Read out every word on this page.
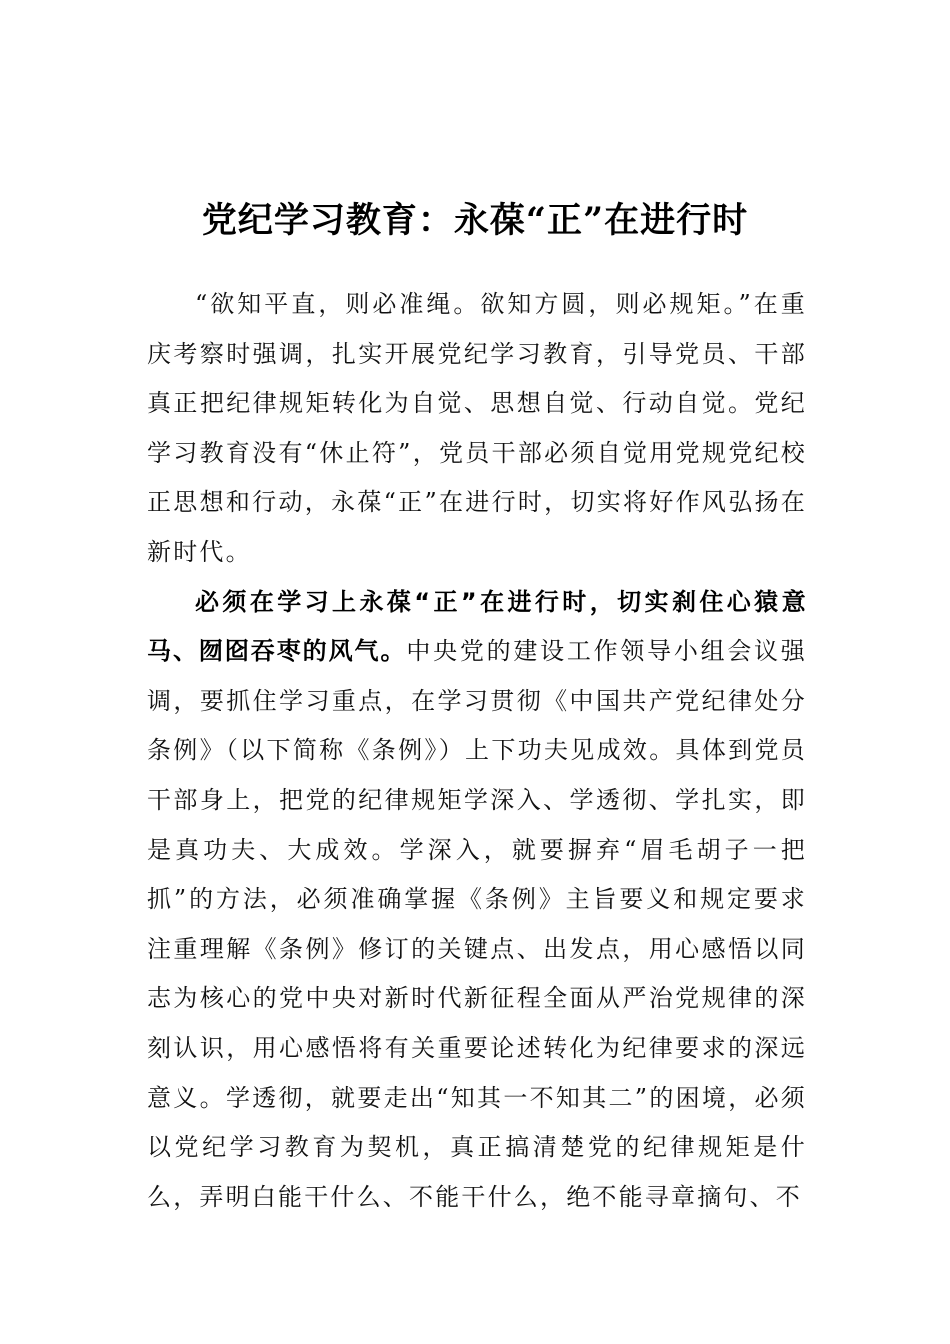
党纪学习教育：永葆“正”在进行时

“欲知平直，则必准绳。欲知方圆，则必规矩。”在重庆考察时强调，扎实开展党纪学习教育，引导党员、干部真正把纪律规矩转化为自觉、思想自觉、行动自觉。党纪学习教育没有“休止符”，党员干部必须自觉用党规党纪校正思想和行动，永葆“正”在进行时，切实将好作风弘扬在新时代。

必须在学习上永葆“正”在进行时，切实刹住心猿意马、囫囵吞枣的风气。中央党的建设工作领导小组会议强调，要抓住学习重点，在学习贯彻《中国共产党纪律处分条例》（以下简称《条例》）上下功夫见成效。具体到党员干部身上，把党的纪律规矩学深入、学透彻、学扎实，即是真功夫、大成效。学深入，就要摒弃“眉毛胡子一把抓”的方法，必须准确掌握《条例》主旨要义和规定要求注重理解《条例》修订的关键点、出发点，用心感悟以同志为核心的党中央对新时代新征程全面从严治党规律的深刻认识，用心感悟将有关重要论述转化为纪律要求的深远意义。学透彻，就要走出“知其一不知其二”的困境，必须以党纪学习教育为契机，真正搞清楚党的纪律规矩是什么，弄明白能干什么、不能干什么，绝不能寻章摘句、不
